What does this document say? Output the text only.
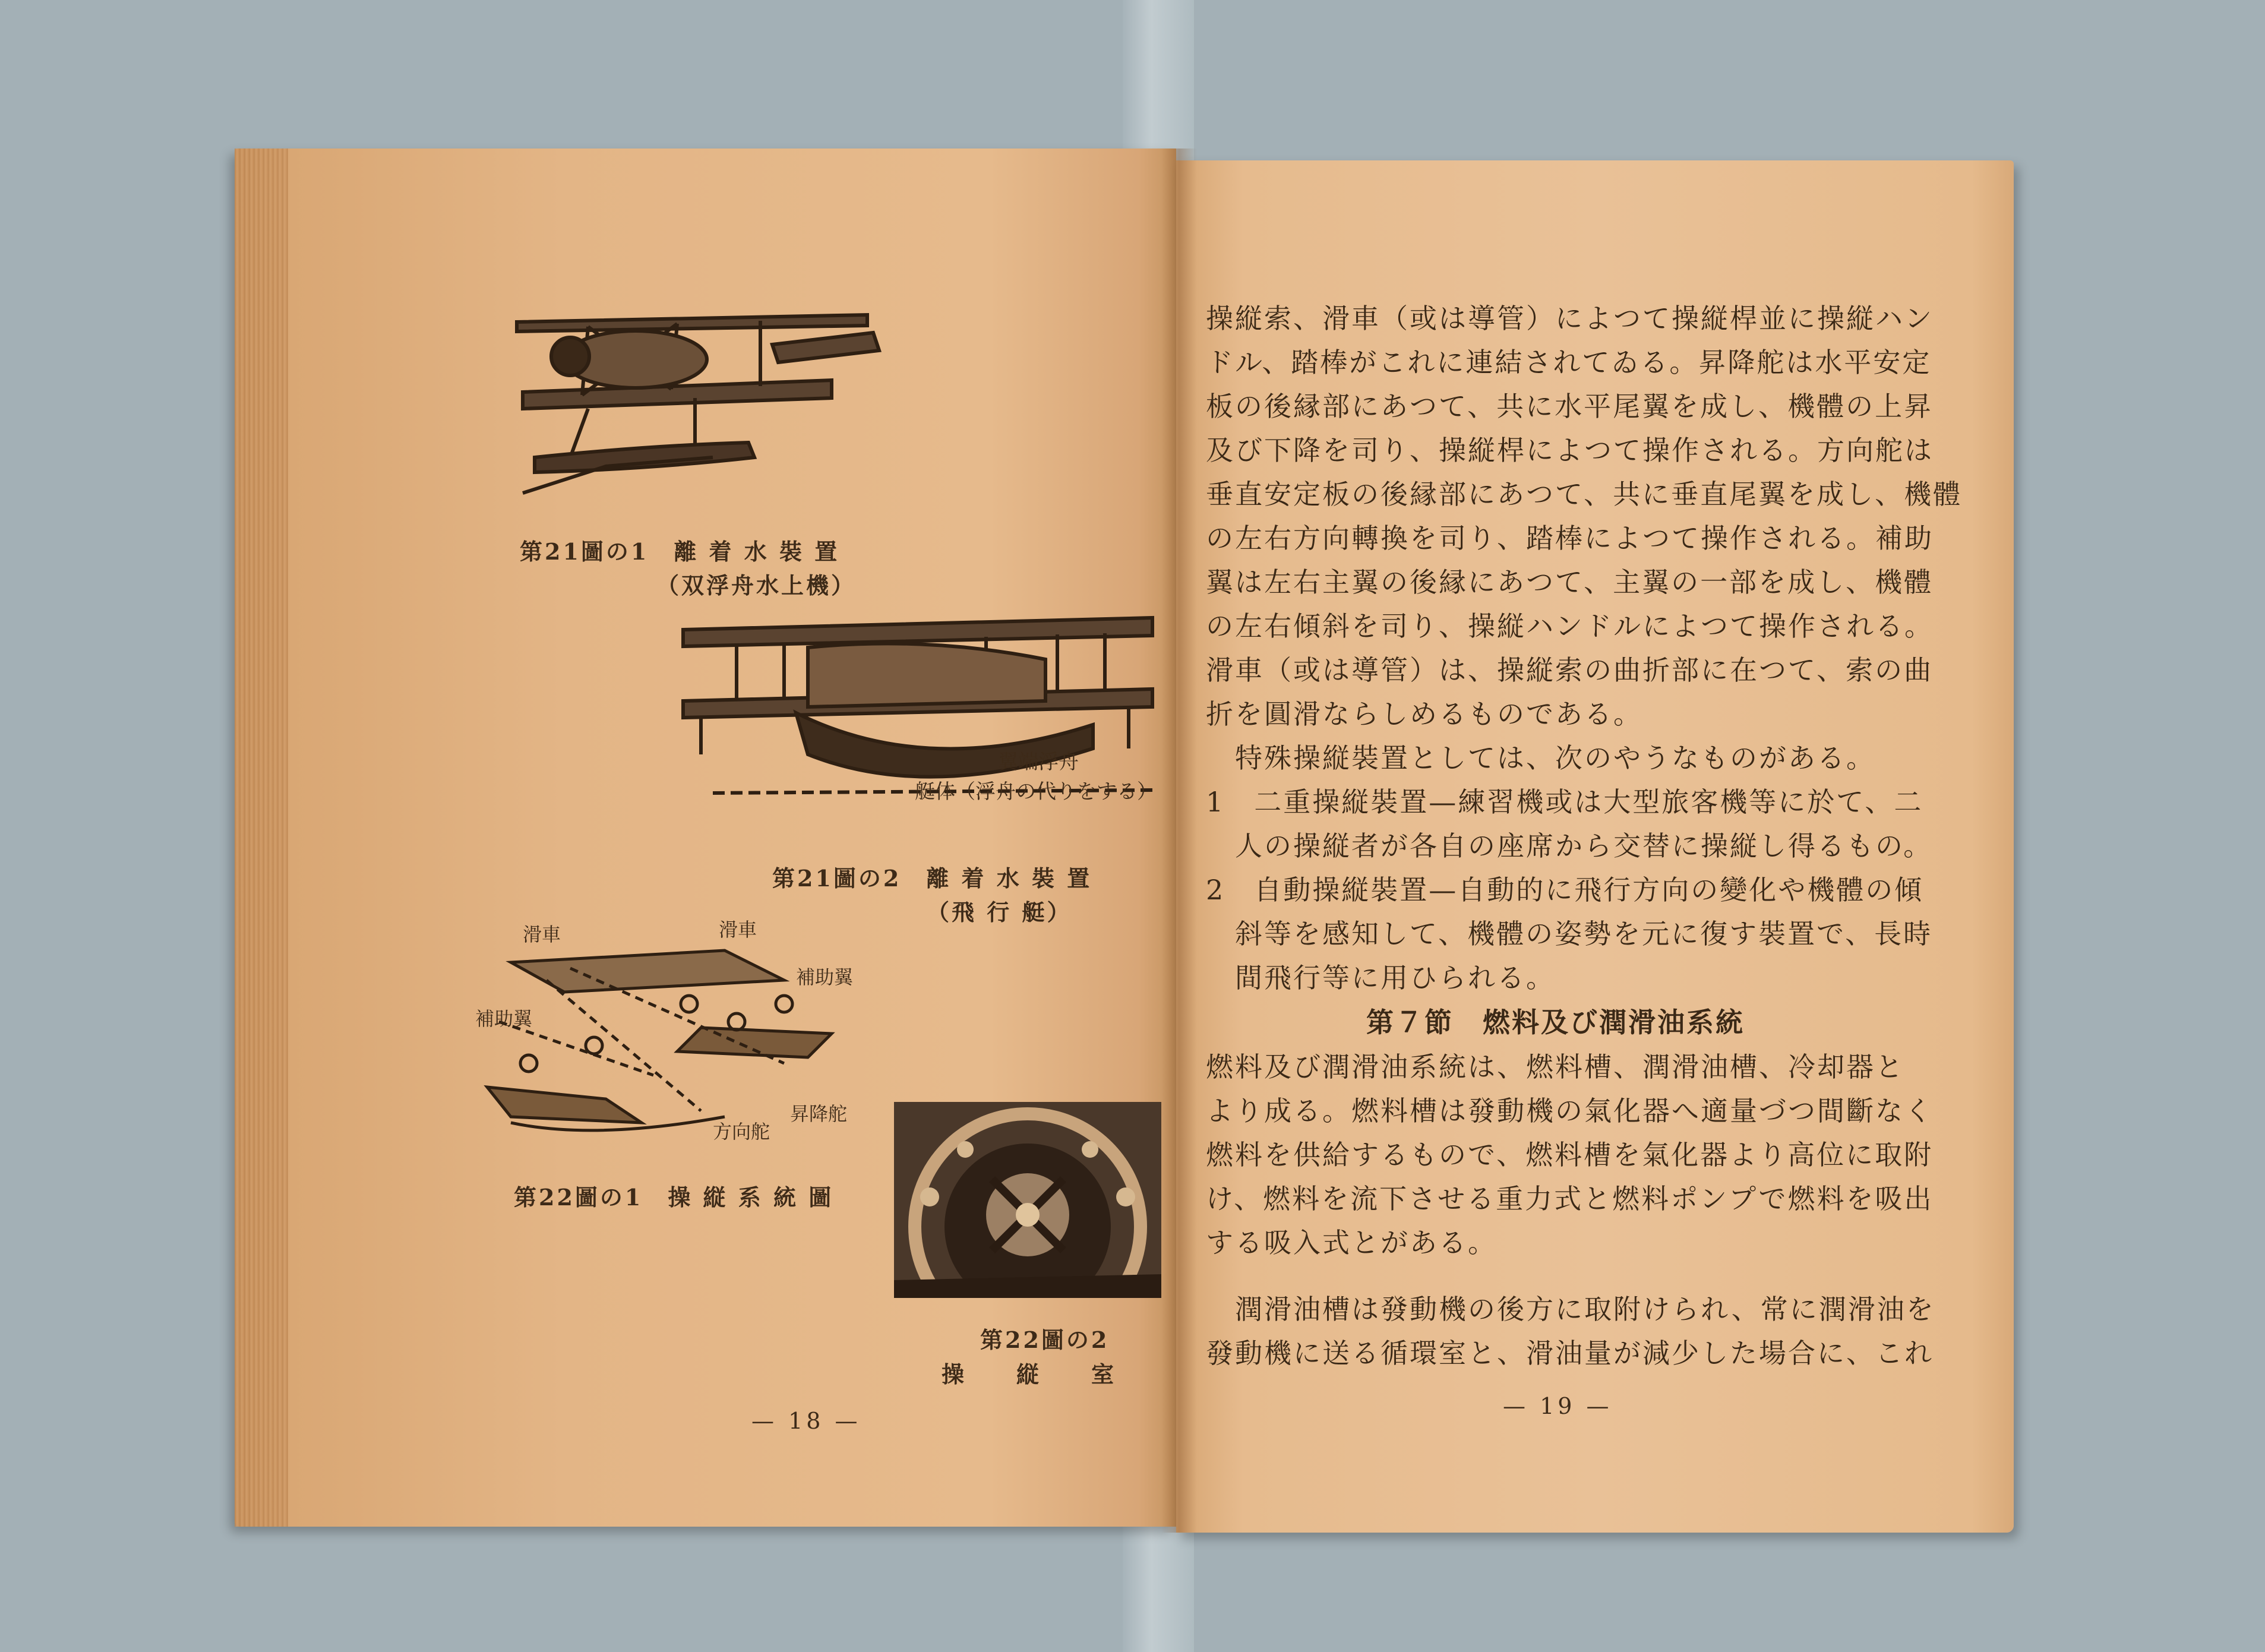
第21圖の1　離 着 水 裝 置
（双浮舟水上機）
翼端浮舟
艇体（浮舟の代りをする）
第21圖の2　離 着 水 裝 置
（飛 行 艇）
滑車	滑車
補助翼
補助翼
方向舵
昇降舵
第22圖の1　操 縦 系 統 圖
第22圖の2
操　　縦　　室
— 18 —
操縦索、滑車（或は導管）によつて操縦桿並に操縦ハン
ドル、踏棒がこれに連結されてゐる。昇降舵は水平安定
板の後縁部にあつて、共に水平尾翼を成し、機體の上昇
及び下降を司り、操縦桿によつて操作される。方向舵は
垂直安定板の後縁部にあつて、共に垂直尾翼を成し、機體
の左右方向轉換を司り、踏棒によつて操作される。補助
翼は左右主翼の後縁にあつて、主翼の一部を成し、機體
の左右傾斜を司り、操縦ハンドルによつて操作される。
滑車（或は導管）は、操縦索の曲折部に在つて、索の曲
折を圓滑ならしめるものである。
　特殊操縦裝置としては、次のやうなものがある。
1　二重操縦裝置—練習機或は大型旅客機等に於て、二
　人の操縦者が各自の座席から交替に操縦し得るもの。
2　自動操縦裝置—自動的に飛行方向の變化や機體の傾
　斜等を感知して、機體の姿勢を元に復す裝置で、長時
　間飛行等に用ひられる。
第７節　燃料及び潤滑油系統
燃料及び潤滑油系統は、燃料槽、潤滑油槽、冷却器と
より成る。燃料槽は發動機の氣化器へ適量づつ間斷なく
燃料を供給するもので、燃料槽を氣化器より高位に取附
け、燃料を流下させる重力式と燃料ポンプで燃料を吸出
する吸入式とがある。
　潤滑油槽は發動機の後方に取附けられ、常に潤滑油を
發動機に送る循環室と、滑油量が減少した場合に、これ
— 19 —
